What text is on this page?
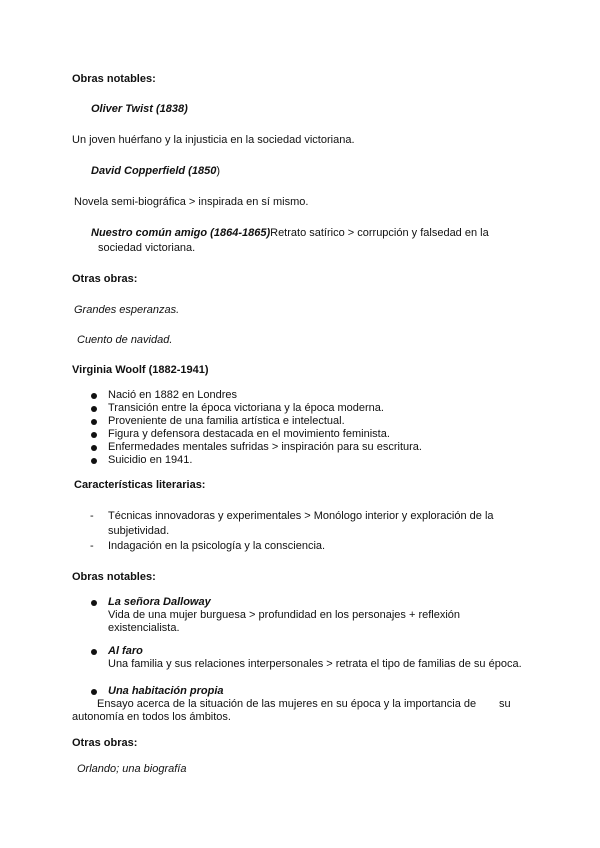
Obras notables:
Oliver Twist (1838)
Un joven huérfano y la injusticia en la sociedad victoriana.
David Copperfield (1850)
Novela semi-biográfica > inspirada en sí mismo.
Nuestro común amigo (1864-1865)Retrato satírico > corrupción y falsedad en la
sociedad victoriana.
Otras obras:
Grandes esperanzas.
Cuento de navidad.
Virginia Woolf (1882-1941)
Nació en 1882 en Londres
Transición entre la época victoriana y la época moderna.
Proveniente de una familia artística e intelectual.
Figura y defensora destacada en el movimiento feminista.
Enfermedades mentales sufridas > inspiración para su escritura.
Suicidio en 1941.
Características literarias:
- Técnicas innovadoras y experimentales > Monólogo interior y exploración de la
subjetividad.
- Indagación en la psicología y la consciencia.
Obras notables:
La señora Dalloway
Vida de una mujer burguesa > profundidad en los personajes + reflexión
existencialista.
Al faro
Una familia y sus relaciones interpersonales > retrata el tipo de familias de su época.
Una habitación propia
Ensayo acerca de la situación de las mujeres en su época y la importancia de su
autonomía en todos los ámbitos.
Otras obras:
Orlando; una biografía
